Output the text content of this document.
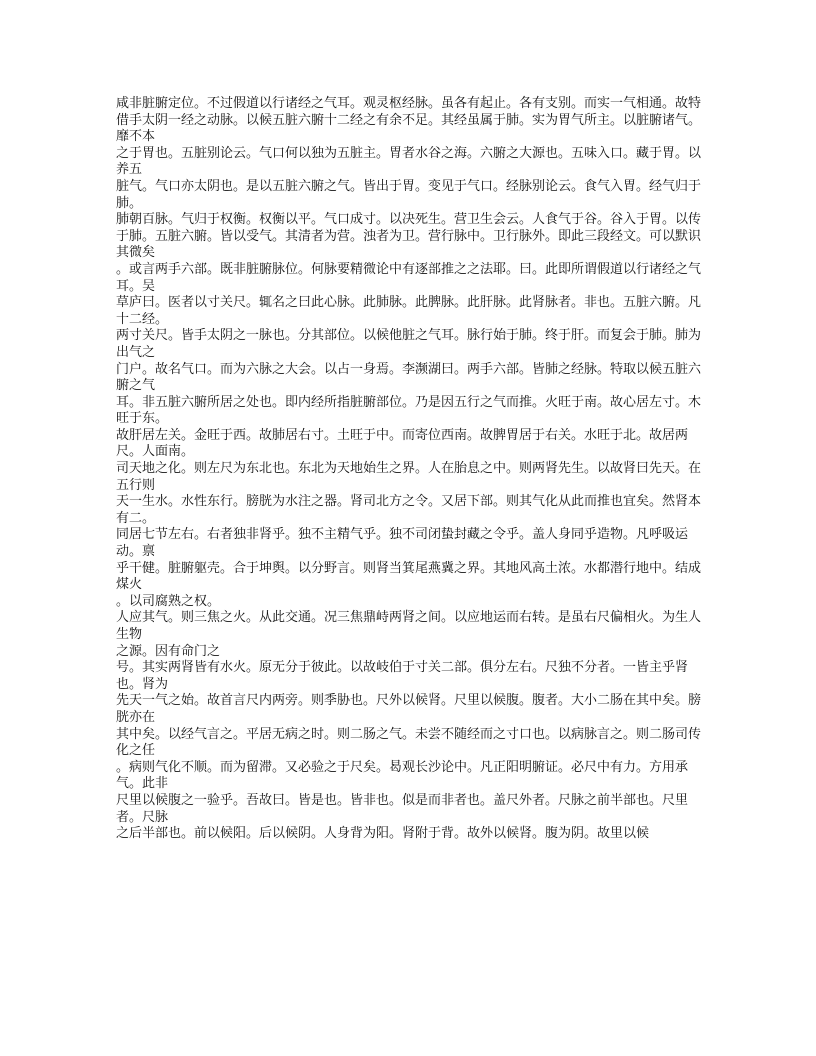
咸非脏腑定位。不过假道以行诸经之气耳。观灵枢经脉。虽各有起止。各有支别。而实一气相通。故特

借手太阴一经之动脉。以候五脏六腑十二经之有余不足。其经虽属于肺。实为胃气所主。以脏腑诸气。靡不本

之于胃也。五脏别论云。气口何以独为五脏主。胃者水谷之海。六腑之大源也。五味入口。藏于胃。以养五

脏气。气口亦太阴也。是以五脏六腑之气。皆出于胃。变见于气口。经脉别论云。食气入胃。经气归于肺。

肺朝百脉。气归于权衡。权衡以平。气口成寸。以决死生。营卫生会云。人食气于谷。谷入于胃。以传

于肺。五脏六腑。皆以受气。其清者为营。浊者为卫。营行脉中。卫行脉外。即此三段经文。可以默识其微矣

。或言两手六部。既非脏腑脉位。何脉要精微论中有逐部推之之法耶。曰。此即所谓假道以行诸经之气耳。吴

草庐曰。医者以寸关尺。辄名之曰此心脉。此肺脉。此脾脉。此肝脉。此肾脉者。非也。五脏六腑。凡十二经。

两寸关尺。皆手太阴之一脉也。分其部位。以候他脏之气耳。脉行始于肺。终于肝。而复会于肺。肺为出气之

门户。故名气口。而为六脉之大会。以占一身焉。李濒湖曰。两手六部。皆肺之经脉。特取以候五脏六腑之气

耳。非五脏六腑所居之处也。即内经所指脏腑部位。乃是因五行之气而推。火旺于南。故心居左寸。木旺于东。

故肝居左关。金旺于西。故肺居右寸。土旺于中。而寄位西南。故脾胃居于右关。水旺于北。故居两尺。人面南。

司天地之化。则左尺为东北也。东北为天地始生之界。人在胎息之中。则两肾先生。以故肾曰先天。在五行则

天一生水。水性东行。膀胱为水注之器。肾司北方之令。又居下部。则其气化从此而推也宜矣。然肾本有二。

同居七节左右。右者独非肾乎。独不主精气乎。独不司闭蛰封藏之令乎。盖人身同乎造物。凡呼吸运动。禀

乎干健。脏腑躯壳。合于坤舆。以分野言。则肾当箕尾燕冀之界。其地风高土浓。水都潜行地中。结成煤火

。以司腐熟之权。

人应其气。则三焦之火。从此交通。况三焦鼎峙两肾之间。以应地运而右转。是虽右尺偏相火。为生人生物

之源。因有命门之

号。其实两肾皆有水火。原无分于彼此。以故岐伯于寸关二部。俱分左右。尺独不分者。一皆主乎肾也。肾为

先天一气之始。故首言尺内两旁。则季胁也。尺外以候肾。尺里以候腹。腹者。大小二肠在其中矣。膀胱亦在

其中矣。以经气言之。平居无病之时。则二肠之气。未尝不随经而之寸口也。以病脉言之。则二肠司传化之任

。病则气化不顺。而为留滞。又必验之于尺矣。曷观长沙论中。凡正阳明腑证。必尺中有力。方用承气。此非

尺里以候腹之一验乎。吾故曰。皆是也。皆非也。似是而非者也。盖尺外者。尺脉之前半部也。尺里者。尺脉

之后半部也。前以候阳。后以候阴。人身背为阳。肾附于背。故外以候肾。腹为阴。故里以候
